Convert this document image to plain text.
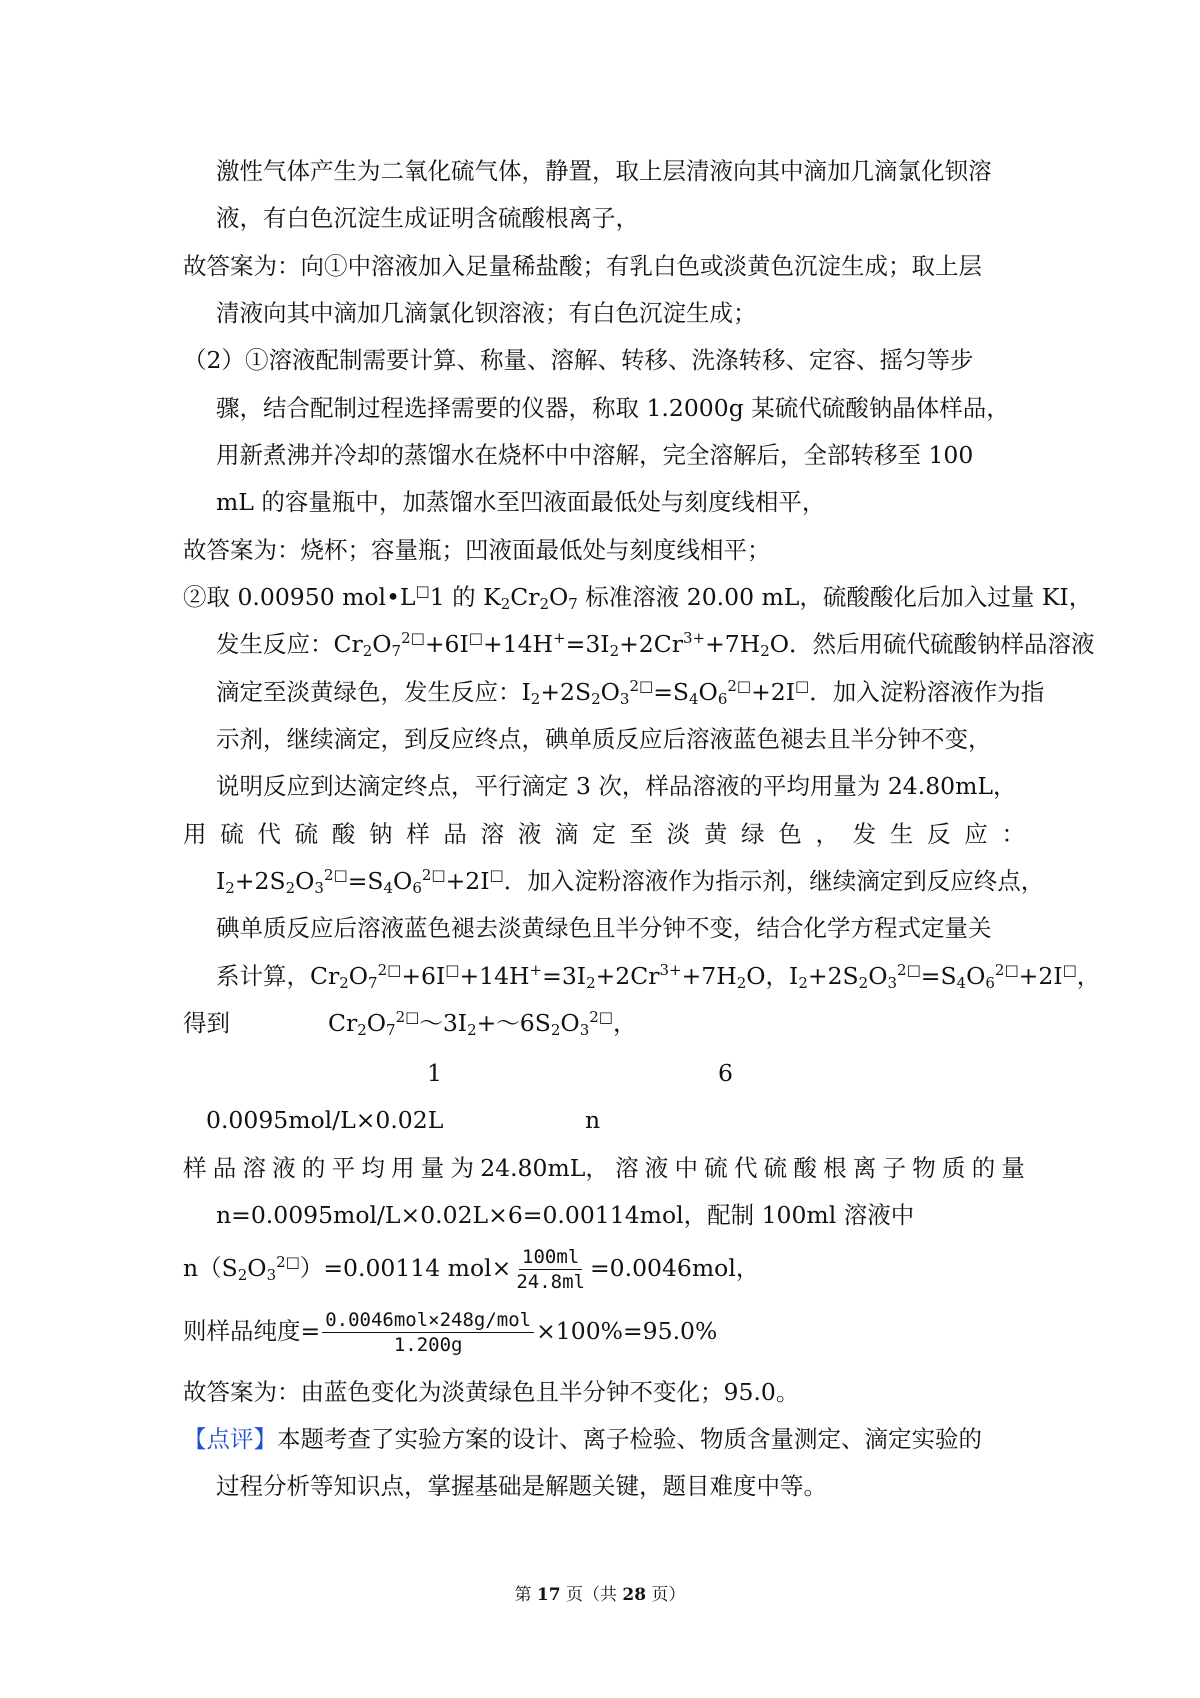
激性气体产生为二氧化硫气体，静置，取上层清液向其中滴加几滴氯化钡溶
液，有白色沉淀生成证明含硫酸根离子，
故答案为：向①中溶液加入足量稀盐酸；有乳白色或淡黄色沉淀生成；取上层
清液向其中滴加几滴氯化钡溶液；有白色沉淀生成；
（2）①溶液配制需要计算、称量、溶解、转移、洗涤转移、定容、摇匀等步
骤，结合配制过程选择需要的仪器，称取 1.2000g 某硫代硫酸钠晶体样品，
用新煮沸并冷却的蒸馏水在烧杯中中溶解，完全溶解后，全部转移至 100
mL 的容量瓶中，加蒸馏水至凹液面最低处与刻度线相平，
故答案为：烧杯；容量瓶；凹液面最低处与刻度线相平；
②取 0.00950 mol•L□1 的 $K_2Cr_2O_7$ 标准溶液 20.00 mL，硫酸酸化后加入过量 KI，
发生反应：$Cr_2O_7^{2□}+6I^□+14H^+=3I_2+2Cr^{3+}+7H_2O$．然后用硫代硫酸钠样品溶液
滴定至淡黄绿色，发生反应：$I_2+2S_2O_3^{2□}=S_4O_6^{2□}+2I^□$．加入淀粉溶液作为指
示剂，继续滴定，到反应终点，碘单质反应后溶液蓝色褪去且半分钟不变，
说明反应到达滴定终点，平行滴定 3 次，样品溶液的平均用量为 24.80mL，
用 硫 代 硫 酸 钠 样 品 溶 液 滴 定 至 淡 黄 绿 色 ， 发 生 反 应 ：
$I_2+2S_2O_3^{2□}=S_4O_6^{2□}+2I^□$．加入淀粉溶液作为指示剂，继续滴定到反应终点，
碘单质反应后溶液蓝色褪去淡黄绿色且半分钟不变，结合化学方程式定量关
系计算，$Cr_2O_7^{2□}+6I^□+14H^+=3I_2+2Cr^{3+}+7H_2O$，$I_2+2S_2O_3^{2□}=S_4O_6^{2□}+2I^□$，
得到	$Cr_2O_7^{2□}\sim 3I_2+\sim 6S_2O_3^{2□}$，
1	6
0.0095mol/L×0.02L	n
样 品 溶 液 的 平 均 用 量 为 24.80mL， 溶 液 中 硫 代 硫 酸 根 离 子 物 质 的 量
n=0.0095mol/L×0.02L×6=0.00114mol，配制 100ml 溶液中
$n(S_2O_3^{2□})=0.00114$ $mol\times \frac{100ml}{24.8ml} =0.0046mol$，
则样品纯度= $\frac{\text{0.0046mol×248g/mol}}{1.200g} \times 100\%=95.0\%$
故答案为：由蓝色变化为淡黄绿色且半分钟不变化；95.0。
【点评】本题考查了实验方案的设计、离子检验、物质含量测定、滴定实验的
过程分析等知识点，掌握基础是解题关键，题目难度中等。
第 17 页（共 28 页）
